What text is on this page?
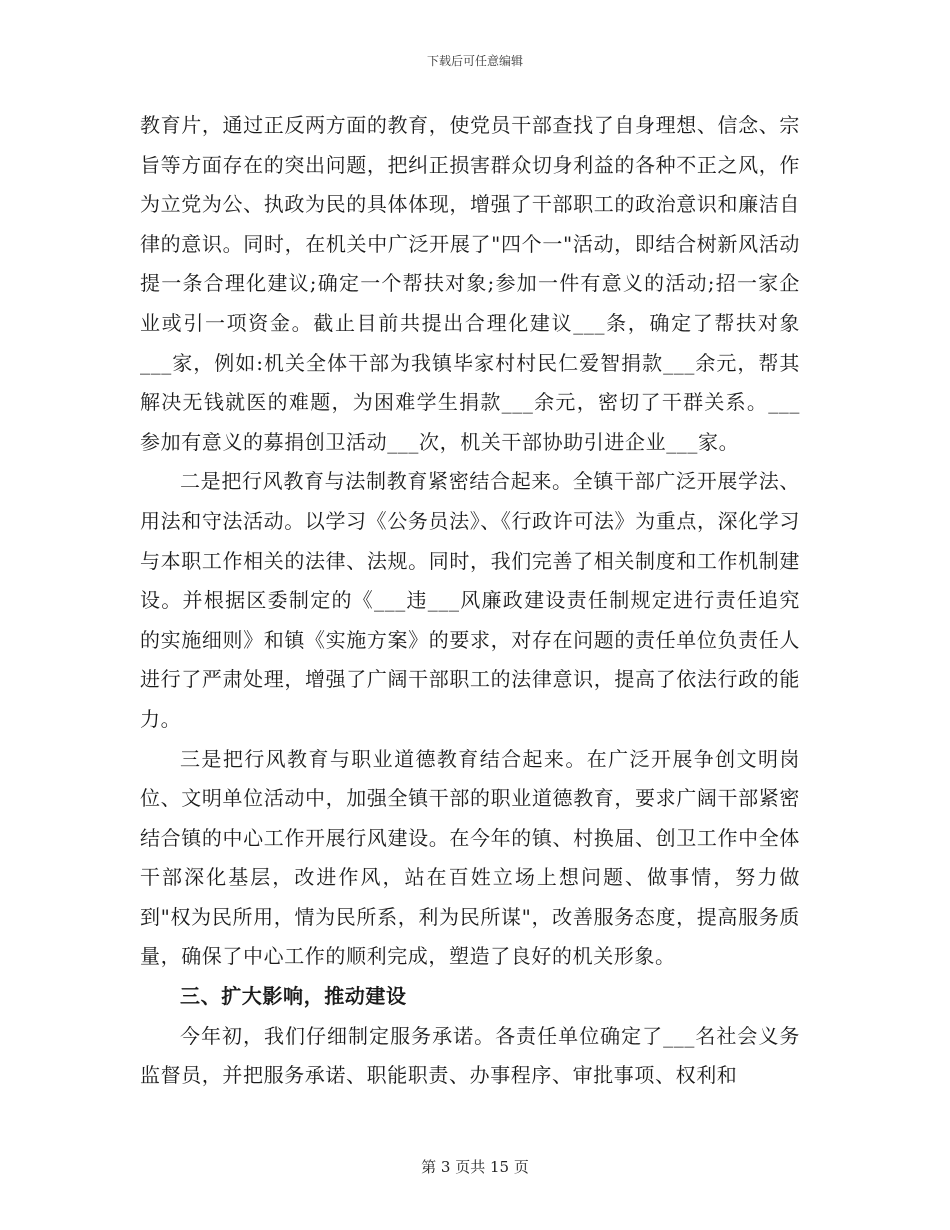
下载后可任意编辑

教育片，通过正反两方面的教育，使党员干部查找了自身理想、信念、宗旨等方面存在的突出问题，把纠正损害群众切身利益的各种不正之风，作为立党为公、执政为民的具体体现，增强了干部职工的政治意识和廉洁自律的意识。同时，在机关中广泛开展了"四个一"活动，即结合树新风活动提一条合理化建议;确定一个帮扶对象;参加一件有意义的活动;招一家企业或引一项资金。截止目前共提出合理化建议___条，确定了帮扶对象___家，例如:机关全体干部为我镇毕家村村民仁爱智捐款___余元，帮其解决无钱就医的难题，为困难学生捐款___余元，密切了干群关系。___参加有意义的募捐创卫活动___次，机关干部协助引进企业___家。

二是把行风教育与法制教育紧密结合起来。全镇干部广泛开展学法、用法和守法活动。以学习《公务员法》、《行政许可法》为重点，深化学习与本职工作相关的法律、法规。同时，我们完善了相关制度和工作机制建设。并根据区委制定的《___违___风廉政建设责任制规定进行责任追究的实施细则》和镇《实施方案》的要求，对存在问题的责任单位负责任人进行了严肃处理，增强了广阔干部职工的法律意识，提高了依法行政的能力。

三是把行风教育与职业道德教育结合起来。在广泛开展争创文明岗位、文明单位活动中，加强全镇干部的职业道德教育，要求广阔干部紧密结合镇的中心工作开展行风建设。在今年的镇、村换届、创卫工作中全体干部深化基层，改进作风，站在百姓立场上想问题、做事情，努力做到"权为民所用，情为民所系，利为民所谋"，改善服务态度，提高服务质量，确保了中心工作的顺利完成，塑造了良好的机关形象。

三、扩大影响，推动建设

今年初，我们仔细制定服务承诺。各责任单位确定了___名社会义务监督员，并把服务承诺、职能职责、办事程序、审批事项、权利和

第 3 页共 15 页
